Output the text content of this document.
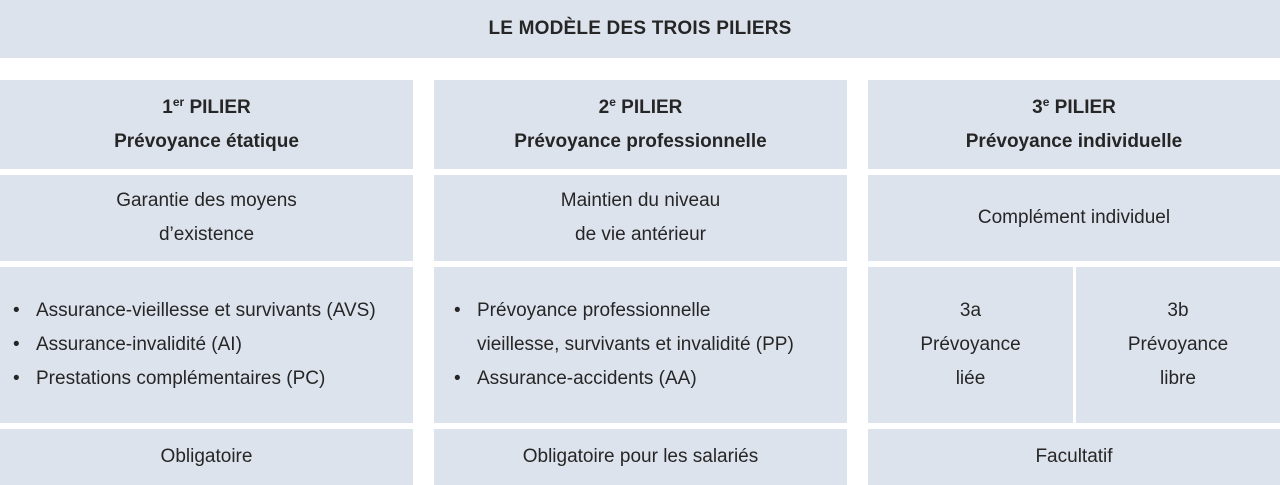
LE MODÈLE DES TROIS PILIERS
1er PILIER
Prévoyance étatique
Garantie des moyens
d’existence
• Assurance-vieillesse et survivants (AVS)
• Assurance-invalidité (AI)
• Prestations complémentaires (PC)
Obligatoire
2e PILIER
Prévoyance professionnelle
Maintien du niveau
de vie antérieur
• Prévoyance professionnelle
vieillesse, survivants et invalidité (PP)
• Assurance-accidents (AA)
Obligatoire pour les salariés
3e PILIER
Prévoyance individuelle
Complément individuel
3a
Prévoyance
liée
3b
Prévoyance
libre
Facultatif
